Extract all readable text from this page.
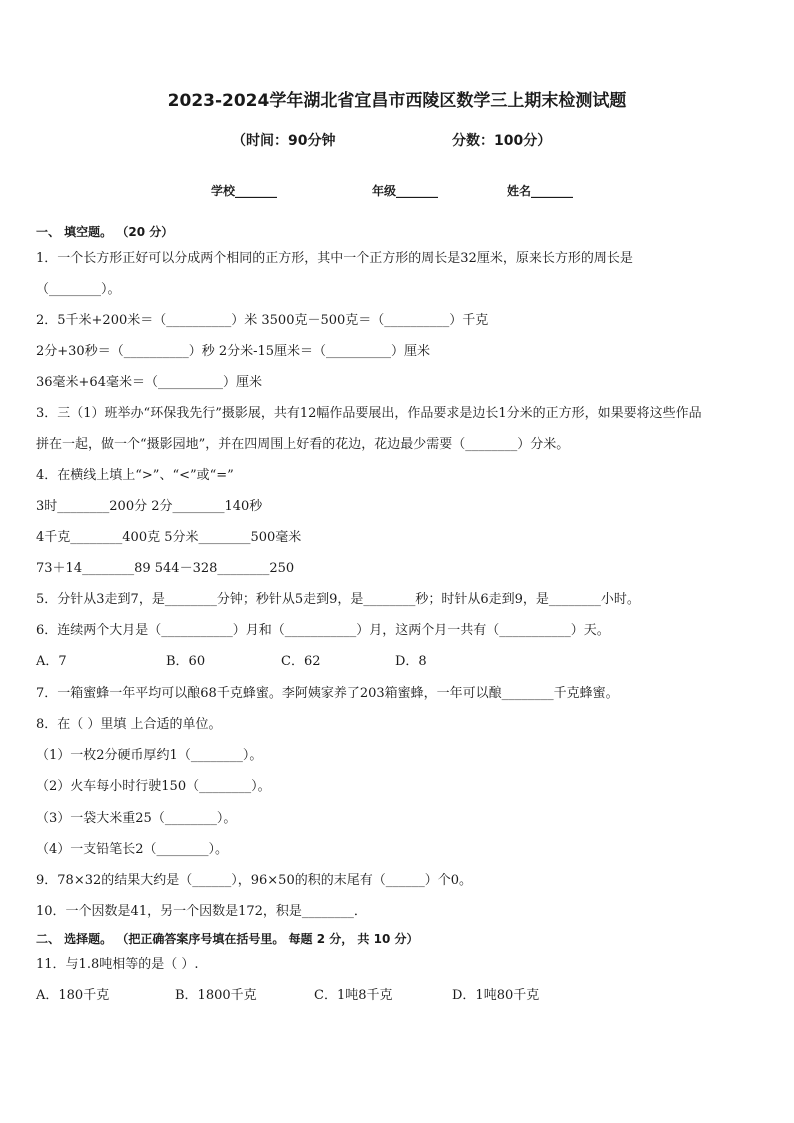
2023-2024学年湖北省宜昌市西陵区数学三上期末检测试题
（时间：90分钟	分数：100分）
学校_______	年级_______	姓名_______
一、 填空题。 （20 分）
1．一个长方形正好可以分成两个相同的正方形，其中一个正方形的周长是32厘米，原来长方形的周长是
（________）。
2．5千米+200米＝（__________）米 3500克－500克＝（__________）千克
2分+30秒＝（__________）秒 2分米-15厘米＝（__________）厘米
36毫米+64毫米＝（__________）厘米
3．三（1）班举办“环保我先行”摄影展，共有12幅作品要展出，作品要求是边长1分米的正方形，如果要将这些作品
拼在一起，做一个“摄影园地”，并在四周围上好看的花边，花边最少需要（________）分米。
4．在横线上填上“>”、“<”或“=”
3时________200分 2分________140秒
4千克________400克 5分米________500毫米
73＋14________89 544－328________250
5．分针从3走到7，是________分钟；秒针从5走到9，是________秒；时针从6走到9，是________小时。
6．连续两个大月是（___________）月和（___________）月，这两个月一共有（___________）天。
A．7	B．60	C．62	D．8
7．一箱蜜蜂一年平均可以酿68千克蜂蜜。李阿姨家养了203箱蜜蜂，一年可以酿________千克蜂蜜。
8．在（ ）里填 上合适的单位。
（1）一枚2分硬币厚约1（________）。
（2）火车每小时行驶150（________）。
（3）一袋大米重25（________）。
（4）一支铅笔长2（________）。
9．78×32的结果大约是（______），96×50的积的末尾有（______）个0。
10．一个因数是41，另一个因数是172，积是________．
二、 选择题。 （把正确答案序号填在括号里。 每题 2 分， 共 10 分）
11．与1.8吨相等的是（ ）.
A．180千克	B．1800千克	C．1吨8千克	D．1吨80千克
